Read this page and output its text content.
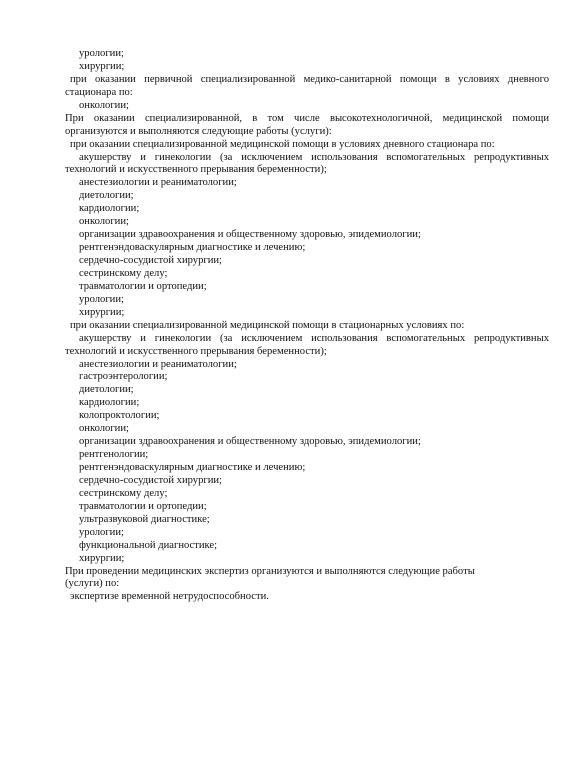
урологии;
хирургии;
при оказании первичной специализированной медико-санитарной помощи в условиях дневного
стационара по:
онкологии;
При оказании специализированной, в том числе высокотехнологичной, медицинской помощи
организуются и выполняются следующие работы (услуги):
при оказании специализированной медицинской помощи в условиях дневного стационара по:
акушерству и гинекологии (за исключением использования вспомогательных репродуктивных
технологий и искусственного прерывания беременности);
анестезиологии и реаниматологии;
диетологии;
кардиологии;
онкологии;
организации здравоохранения и общественному здоровью, эпидемиологии;
рентгенэндоваскулярным диагностике и лечению;
сердечно-сосудистой хирургии;
сестринскому делу;
травматологии и ортопедии;
урологии;
хирургии;
при оказании специализированной медицинской помощи в стационарных условиях по:
акушерству и гинекологии (за исключением использования вспомогательных репродуктивных
технологий и искусственного прерывания беременности);
анестезиологии и реаниматологии;
гастроэнтерологии;
диетологии;
кардиологии;
колопроктологии;
онкологии;
организации здравоохранения и общественному здоровью, эпидемиологии;
рентгенологии;
рентгенэндоваскулярным диагностике и лечению;
сердечно-сосудистой хирургии;
сестринскому делу;
травматологии и ортопедии;
ультразвуковой диагностике;
урологии;
функциональной диагностике;
хирургии;
При проведении медицинских экспертиз организуются и выполняются следующие работы
(услуги) по:
экспертизе временной нетрудоспособности.
